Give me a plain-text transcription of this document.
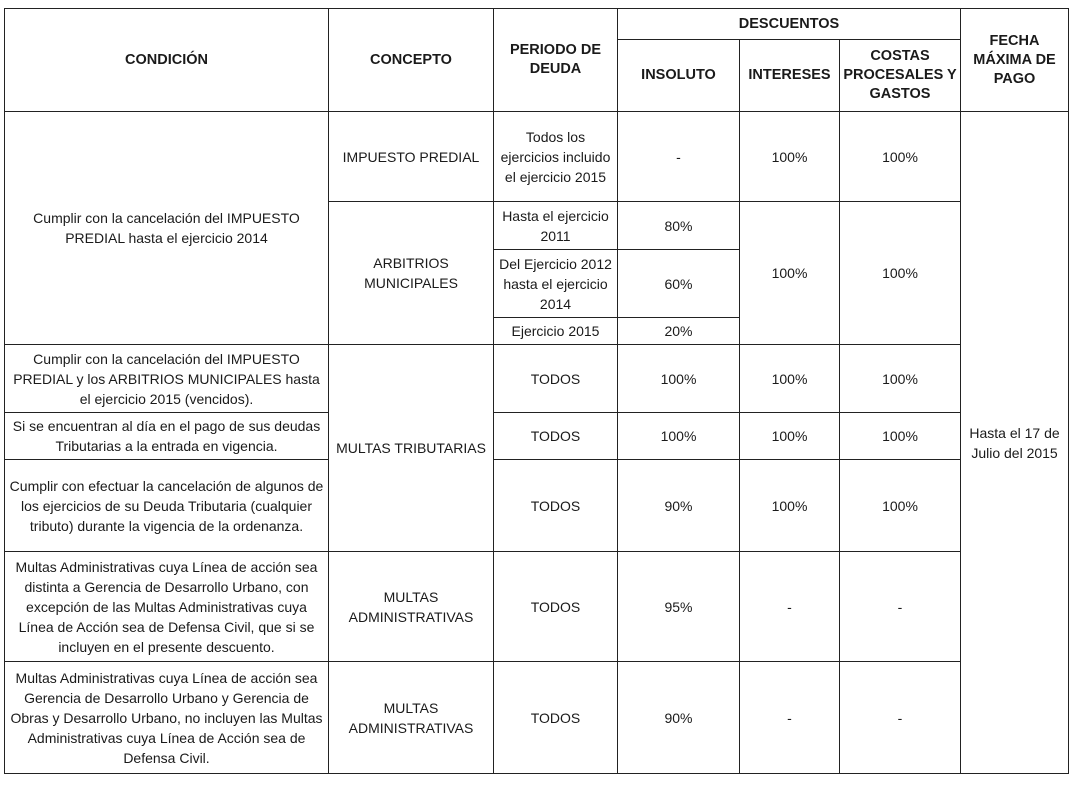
CONDICIÓN	CONCEPTO	PERIODO DE DEUDA	DESCUENTOS			FECHA MÁXIMA DE PAGO
			INSOLUTO	INTERESES	COSTAS PROCESALES Y GASTOS	
Cumplir con la cancelación del IMPUESTO PREDIAL hasta el ejercicio 2014	IMPUESTO PREDIAL	Todos los ejercicios incluido el ejercicio 2015	-	100%	100%	Hasta el 17 de Julio del 2015
	ARBITRIOS MUNICIPALES	Hasta el ejercicio 2011	80%	100%	100%	
		Del Ejercicio 2012 hasta el ejercicio 2014	60%			
		Ejercicio 2015	20%			
Cumplir con la cancelación del IMPUESTO PREDIAL y los ARBITRIOS MUNICIPALES hasta el ejercicio 2015 (vencidos).	MULTAS TRIBUTARIAS	TODOS	100%	100%	100%	
Si se encuentran al día en el pago de sus deudas Tributarias a la entrada en vigencia.		TODOS	100%	100%	100%	
Cumplir con efectuar la cancelación de algunos de los ejercicios de su Deuda Tributaria (cualquier tributo) durante la vigencia de la ordenanza.		TODOS	90%	100%	100%	
Multas Administrativas cuya Línea de acción sea distinta a Gerencia de Desarrollo Urbano, con excepción de las Multas Administrativas cuya Línea de Acción sea de Defensa Civil, que si se incluyen en el presente descuento.	MULTAS ADMINISTRATIVAS	TODOS	95%	-	-	
Multas Administrativas cuya Línea de acción sea Gerencia de Desarrollo Urbano y Gerencia de Obras y Desarrollo Urbano, no incluyen las Multas Administrativas cuya Línea de Acción sea de Defensa Civil.	MULTAS ADMINISTRATIVAS	TODOS	90%	-	-	
